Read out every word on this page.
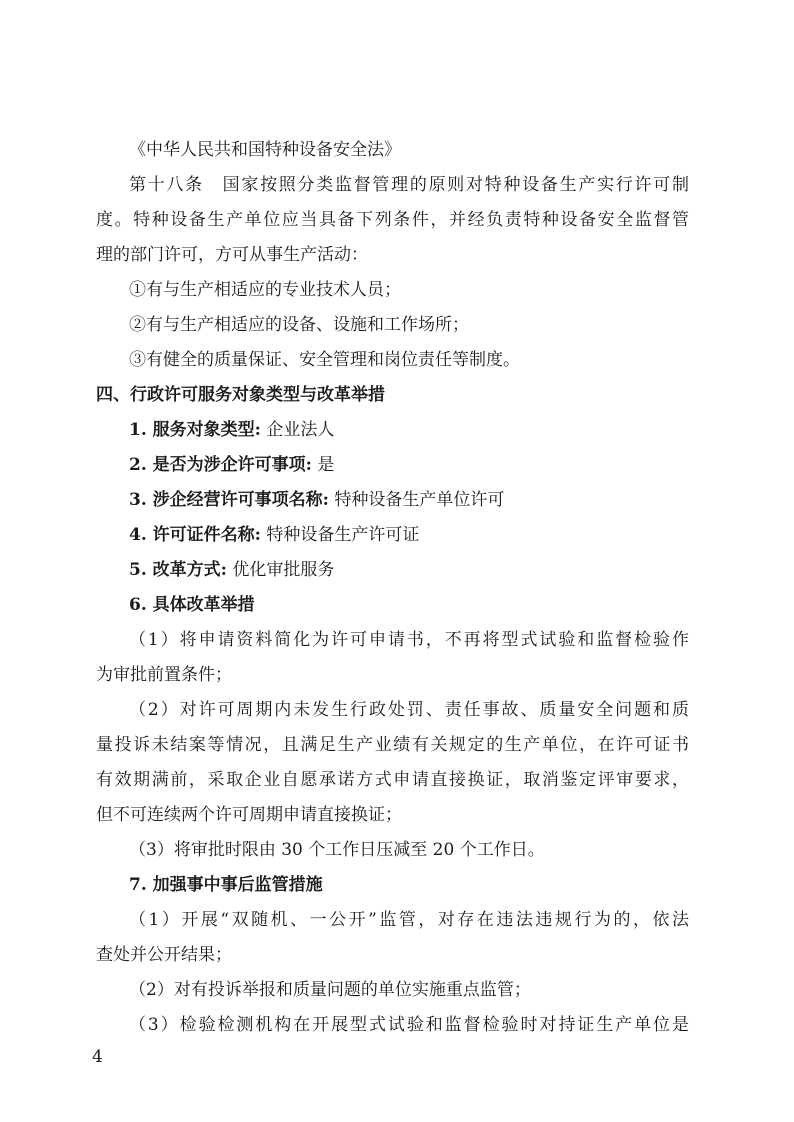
《中华人民共和国特种设备安全法》
第十八条　国家按照分类监督管理的原则对特种设备生产实行许可制
度。特种设备生产单位应当具备下列条件，并经负责特种设备安全监督管
理的部门许可，方可从事生产活动：
①有与生产相适应的专业技术人员；
②有与生产相适应的设备、设施和工作场所；
③有健全的质量保证、安全管理和岗位责任等制度。
四、行政许可服务对象类型与改革举措
1. 服务对象类型: 企业法人
2. 是否为涉企许可事项: 是
3. 涉企经营许可事项名称: 特种设备生产单位许可
4. 许可证件名称: 特种设备生产许可证
5. 改革方式: 优化审批服务
6. 具体改革举措
（1）将申请资料简化为许可申请书，不再将型式试验和监督检验作
为审批前置条件；
（2）对许可周期内未发生行政处罚、责任事故、质量安全问题和质
量投诉未结案等情况，且满足生产业绩有关规定的生产单位，在许可证书
有效期满前，采取企业自愿承诺方式申请直接换证，取消鉴定评审要求，
但不可连续两个许可周期申请直接换证；
（3）将审批时限由 30 个工作日压减至 20 个工作日。
7. 加强事中事后监管措施
（1）开展“双随机、一公开”监管，对存在违法违规行为的，依法
查处并公开结果；
（2）对有投诉举报和质量问题的单位实施重点监管；
（3）检验检测机构在开展型式试验和监督检验时对持证生产单位是
4
